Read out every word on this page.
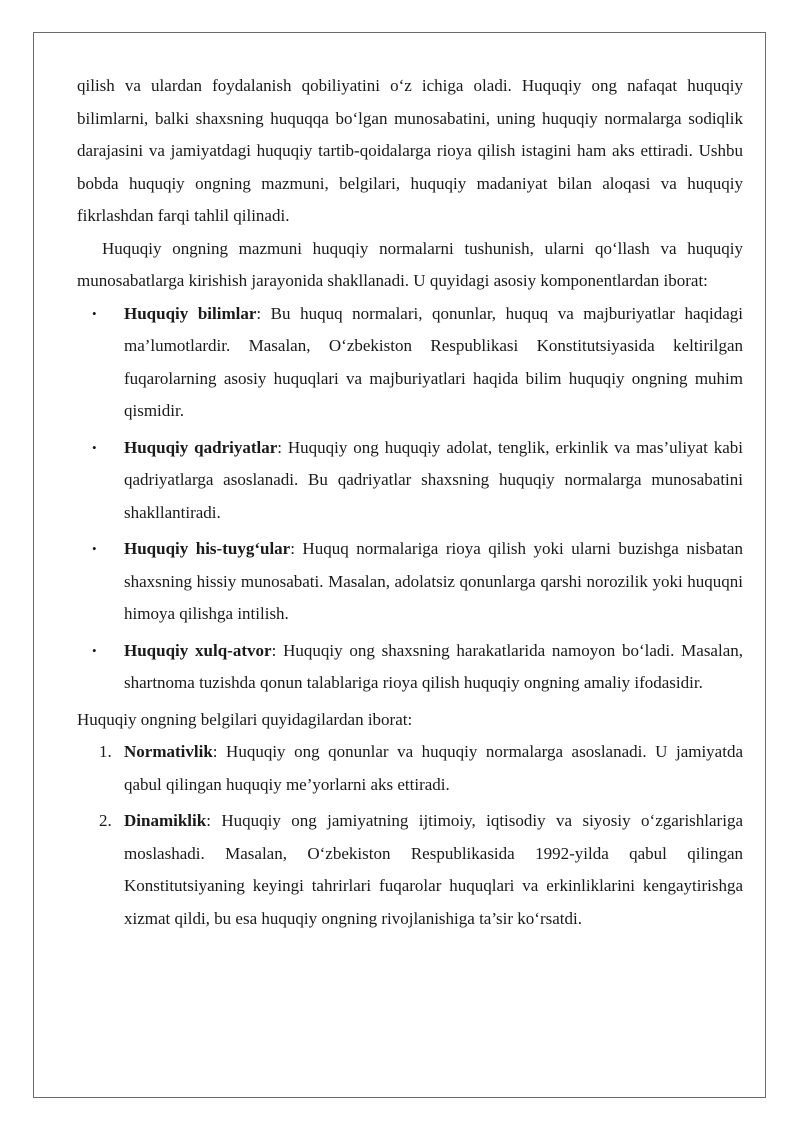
qilish va ulardan foydalanish qobiliyatini o‘z ichiga oladi. Huquqiy ong nafaqat huquqiy bilimlarni, balki shaxsning huquqqa bo‘lgan munosabatini, uning huquqiy normalarga sodiqlik darajasini va jamiyatdagi huquqiy tartib-qoidalarga rioya qilish istagini ham aks ettiradi. Ushbu bobda huquqiy ongning mazmuni, belgilari, huquqiy madaniyat bilan aloqasi va huquqiy fikrlashdan farqi tahlil qilinadi.

Huquqiy ongning mazmuni huquqiy normalarni tushunish, ularni qo‘llash va huquqiy munosabatlarga kirishish jarayonida shakllanadi. U quyidagi asosiy komponentlardan iborat:

•	Huquqiy bilimlar: Bu huquq normalari, qonunlar, huquq va majburiyatlar haqidagi ma’lumotlardir. Masalan, O‘zbekiston Respublikasi Konstitutsiyasida keltirilgan fuqarolarning asosiy huquqlari va majburiyatlari haqida bilim huquqiy ongning muhim qismidir.
•	Huquqiy qadriyatlar: Huquqiy ong huquqiy adolat, tenglik, erkinlik va mas’uliyat kabi qadriyatlarga asoslanadi. Bu qadriyatlar shaxsning huquqiy normalarga munosabatini shakllantiradi.
•	Huquqiy his-tuyg‘ular: Huquq normalariga rioya qilish yoki ularni buzishga nisbatan shaxsning hissiy munosabati. Masalan, adolatsiz qonunlarga qarshi norozilik yoki huquqni himoya qilishga intilish.
•	Huquqiy xulq-atvor: Huquqiy ong shaxsning harakatlarida namoyon bo‘ladi. Masalan, shartnoma tuzishda qonun talablariga rioya qilish huquqiy ongning amaliy ifodasidir.

Huquqiy ongning belgilari quyidagilardan iborat:

1. Normativlik: Huquqiy ong qonunlar va huquqiy normalarga asoslanadi. U jamiyatda qabul qilingan huquqiy me’yorlarni aks ettiradi.
2. Dinamiklik: Huquqiy ong jamiyatning ijtimoiy, iqtisodiy va siyosiy o‘zgarishlariga moslashadi. Masalan, O‘zbekiston Respublikasida 1992-yilda qabul qilingan Konstitutsiyaning keyingi tahrirlari fuqarolar huquqlari va erkinliklarini kengaytirishga xizmat qildi, bu esa huquqiy ongning rivojlanishiga ta’sir ko‘rsatdi.
